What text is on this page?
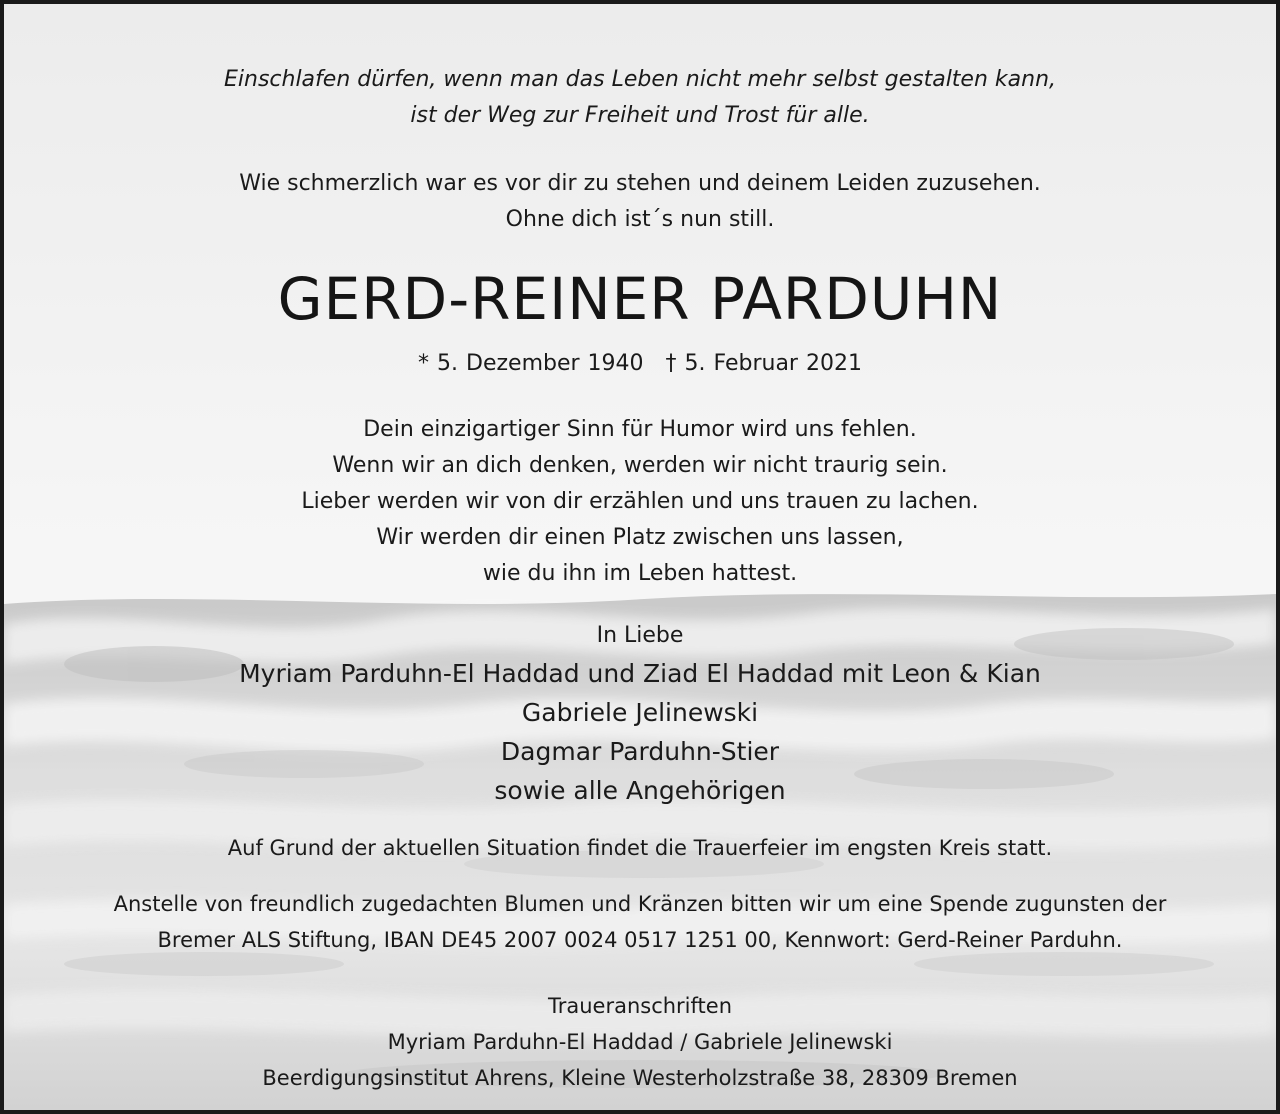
Einschlafen dürfen, wenn man das Leben nicht mehr selbst gestalten kann,
ist der Weg zur Freiheit und Trost für alle.
Wie schmerzlich war es vor dir zu stehen und deinem Leiden zuzusehen.
Ohne dich ist´s nun still.
GERD-REINER PARDUHN
* 5. Dezember 1940 † 5. Februar 2021
Dein einzigartiger Sinn für Humor wird uns fehlen.
Wenn wir an dich denken, werden wir nicht traurig sein.
Lieber werden wir von dir erzählen und uns trauen zu lachen.
Wir werden dir einen Platz zwischen uns lassen,
wie du ihn im Leben hattest.
In Liebe
Myriam Parduhn-El Haddad und Ziad El Haddad mit Leon & Kian
Gabriele Jelinewski
Dagmar Parduhn-Stier
sowie alle Angehörigen
Auf Grund der aktuellen Situation findet die Trauerfeier im engsten Kreis statt.
Anstelle von freundlich zugedachten Blumen und Kränzen bitten wir um eine Spende zugunsten der
Bremer ALS Stiftung, IBAN DE45 2007 0024 0517 1251 00, Kennwort: Gerd-Reiner Parduhn.
Traueranschriften
Myriam Parduhn-El Haddad / Gabriele Jelinewski
Beerdigungsinstitut Ahrens, Kleine Westerholzstraße 38, 28309 Bremen
